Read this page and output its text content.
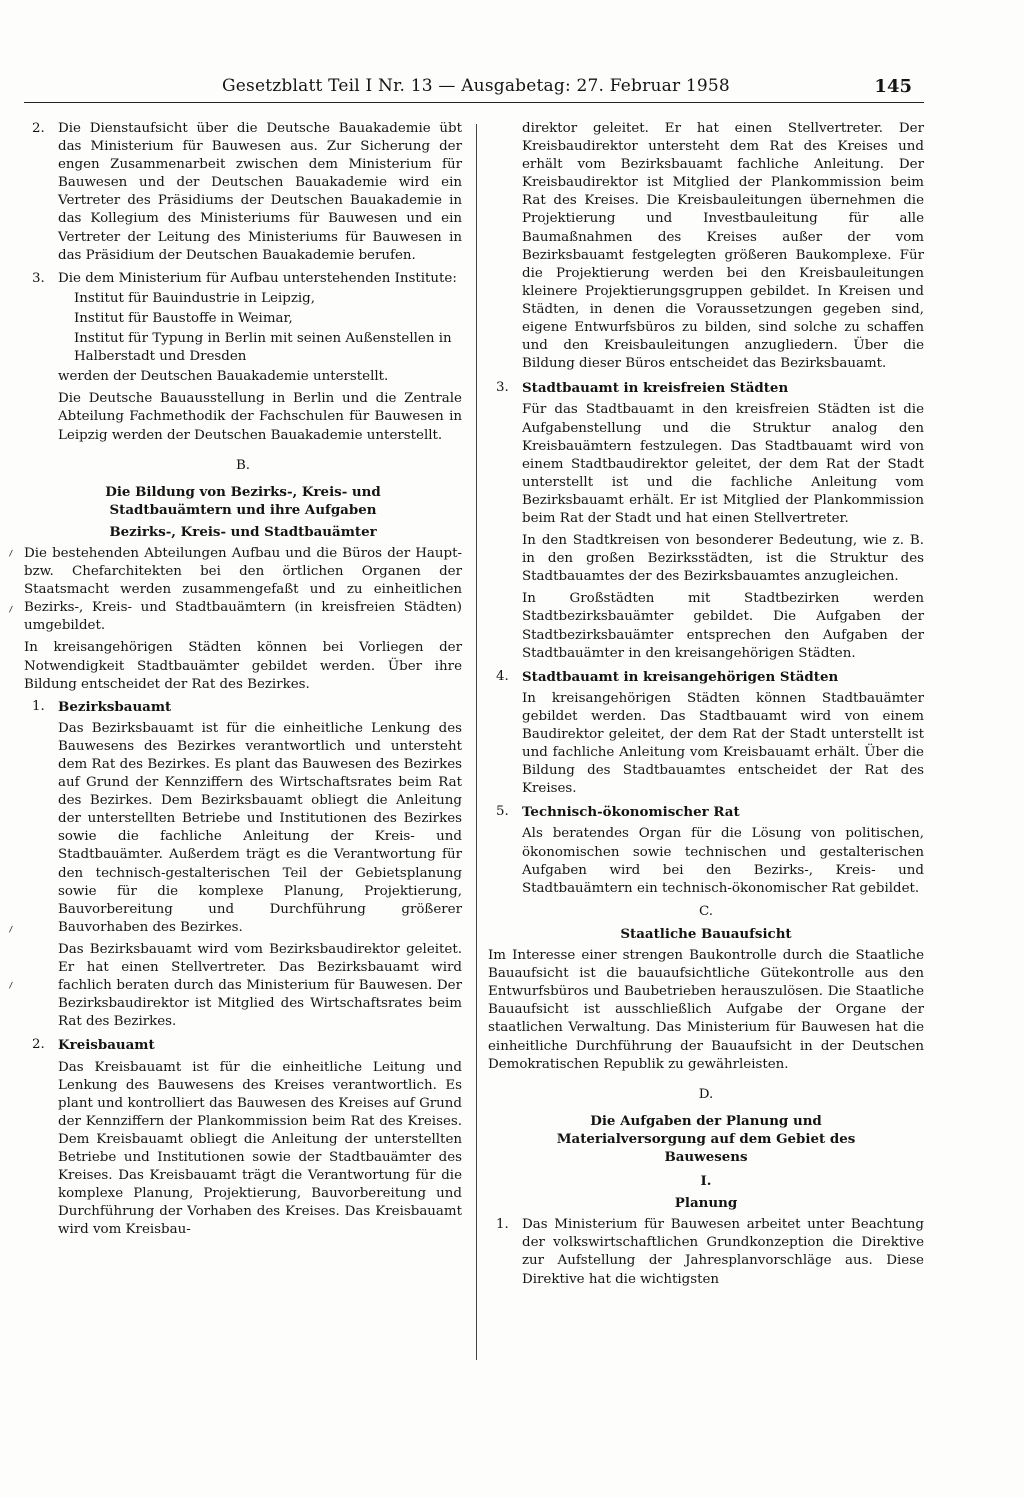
Gesetzblatt Teil I Nr. 13 — Ausgabetag: 27. Februar 1958	145
⸝
⸝
⸝
⸝
2. Die Dienstaufsicht über die Deutsche Bauakademie übt das Ministerium für Bauwesen aus. Zur Sicherung der engen Zusammenarbeit zwischen dem Ministerium für Bauwesen und der Deutschen Bauakademie wird ein Vertreter des Präsidiums der Deutschen Bauakademie in das Kollegium des Ministeriums für Bauwesen und ein Vertreter der Leitung des Ministeriums für Bauwesen in das Präsidium der Deutschen Bauakademie berufen.

3. Die dem Ministerium für Aufbau unterstehenden Institute:

Institut für Bauindustrie in Leipzig,

Institut für Baustoffe in Weimar,

Institut für Typung in Berlin mit seinen Außenstellen in Halberstadt und Dresden

werden der Deutschen Bauakademie unterstellt.

Die Deutsche Bauausstellung in Berlin und die Zentrale Abteilung Fachmethodik der Fachschulen für Bauwesen in Leipzig werden der Deutschen Bauakademie unterstellt.

B.

Die Bildung von Bezirks-, Kreis- und Stadtbauämtern und ihre Aufgaben

Bezirks-, Kreis- und Stadtbauämter

Die bestehenden Abteilungen Aufbau und die Büros der Haupt- bzw. Chefarchitekten bei den örtlichen Organen der Staatsmacht werden zusammengefaßt und zu einheitlichen Bezirks-, Kreis- und Stadtbauämtern (in kreisfreien Städten) umgebildet.

In kreisangehörigen Städten können bei Vorliegen der Notwendigkeit Stadtbauämter gebildet werden. Über ihre Bildung entscheidet der Rat des Bezirkes.

1. Bezirksbauamt

Das Bezirksbauamt ist für die einheitliche Lenkung des Bauwesens des Bezirkes verantwortlich und untersteht dem Rat des Bezirkes. Es plant das Bauwesen des Bezirkes auf Grund der Kennziffern des Wirtschaftsrates beim Rat des Bezirkes. Dem Bezirksbauamt obliegt die Anleitung der unterstellten Betriebe und Institutionen des Bezirkes sowie die fachliche Anleitung der Kreis- und Stadtbauämter. Außerdem trägt es die Verantwortung für den technisch-gestalterischen Teil der Gebietsplanung sowie für die komplexe Planung, Projektierung, Bauvorbereitung und Durchführung größerer Bauvorhaben des Bezirkes.

Das Bezirksbauamt wird vom Bezirksbaudirektor geleitet. Er hat einen Stellvertreter. Das Bezirksbauamt wird fachlich beraten durch das Ministerium für Bauwesen. Der Bezirksbaudirektor ist Mitglied des Wirtschaftsrates beim Rat des Bezirkes.

2. Kreisbauamt

Das Kreisbauamt ist für die einheitliche Leitung und Lenkung des Bauwesens des Kreises verantwortlich. Es plant und kontrolliert das Bauwesen des Kreises auf Grund der Kennziffern der Plankommission beim Rat des Kreises. Dem Kreisbauamt obliegt die Anleitung der unterstellten Betriebe und Institutionen sowie der Stadtbauämter des Kreises. Das Kreisbauamt trägt die Verantwortung für die komplexe Planung, Projektierung, Bauvorbereitung und Durchführung der Vorhaben des Kreises. Das Kreisbauamt wird vom Kreisbau-

direktor geleitet. Er hat einen Stellvertreter. Der Kreisbaudirektor untersteht dem Rat des Kreises und erhält vom Bezirksbauamt fachliche Anleitung. Der Kreisbaudirektor ist Mitglied der Plankommission beim Rat des Kreises. Die Kreisbauleitungen übernehmen die Projektierung und Investbauleitung für alle Baumaßnahmen des Kreises außer der vom Bezirksbauamt festgelegten größeren Baukomplexe. Für die Projektierung werden bei den Kreisbauleitungen kleinere Projektierungsgruppen gebildet. In Kreisen und Städten, in denen die Voraussetzungen gegeben sind, eigene Entwurfsbüros zu bilden, sind solche zu schaffen und den Kreisbauleitungen anzugliedern. Über die Bildung dieser Büros entscheidet das Bezirksbauamt.

3. Stadtbauamt in kreisfreien Städten

Für das Stadtbauamt in den kreisfreien Städten ist die Aufgabenstellung und die Struktur analog den Kreisbauämtern festzulegen. Das Stadtbauamt wird von einem Stadtbaudirektor geleitet, der dem Rat der Stadt unterstellt ist und die fachliche Anleitung vom Bezirksbauamt erhält. Er ist Mitglied der Plankommission beim Rat der Stadt und hat einen Stellvertreter.

In den Stadtkreisen von besonderer Bedeutung, wie z. B. in den großen Bezirksstädten, ist die Struktur des Stadtbauamtes der des Bezirksbauamtes anzugleichen.

In Großstädten mit Stadtbezirken werden Stadtbezirksbauämter gebildet. Die Aufgaben der Stadtbezirksbauämter entsprechen den Aufgaben der Stadtbauämter in den kreisangehörigen Städten.

4. Stadtbauamt in kreisangehörigen Städten

In kreisangehörigen Städten können Stadtbauämter gebildet werden. Das Stadtbauamt wird von einem Baudirektor geleitet, der dem Rat der Stadt unterstellt ist und fachliche Anleitung vom Kreisbauamt erhält. Über die Bildung des Stadtbauamtes entscheidet der Rat des Kreises.

5. Technisch-ökonomischer Rat

Als beratendes Organ für die Lösung von politischen, ökonomischen sowie technischen und gestalterischen Aufgaben wird bei den Bezirks-, Kreis- und Stadtbauämtern ein technisch-ökonomischer Rat gebildet.

C.

Staatliche Bauaufsicht

Im Interesse einer strengen Baukontrolle durch die Staatliche Bauaufsicht ist die bauaufsichtliche Gütekontrolle aus den Entwurfsbüros und Baubetrieben herauszulösen. Die Staatliche Bauaufsicht ist ausschließlich Aufgabe der Organe der staatlichen Verwaltung. Das Ministerium für Bauwesen hat die einheitliche Durchführung der Bauaufsicht in der Deutschen Demokratischen Republik zu gewährleisten.

D.

Die Aufgaben der Planung und Materialversorgung auf dem Gebiet des Bauwesens

I.

Planung

1. Das Ministerium für Bauwesen arbeitet unter Beachtung der volkswirtschaftlichen Grundkonzeption die Direktive zur Aufstellung der Jahresplanvorschläge aus. Diese Direktive hat die wichtigsten
